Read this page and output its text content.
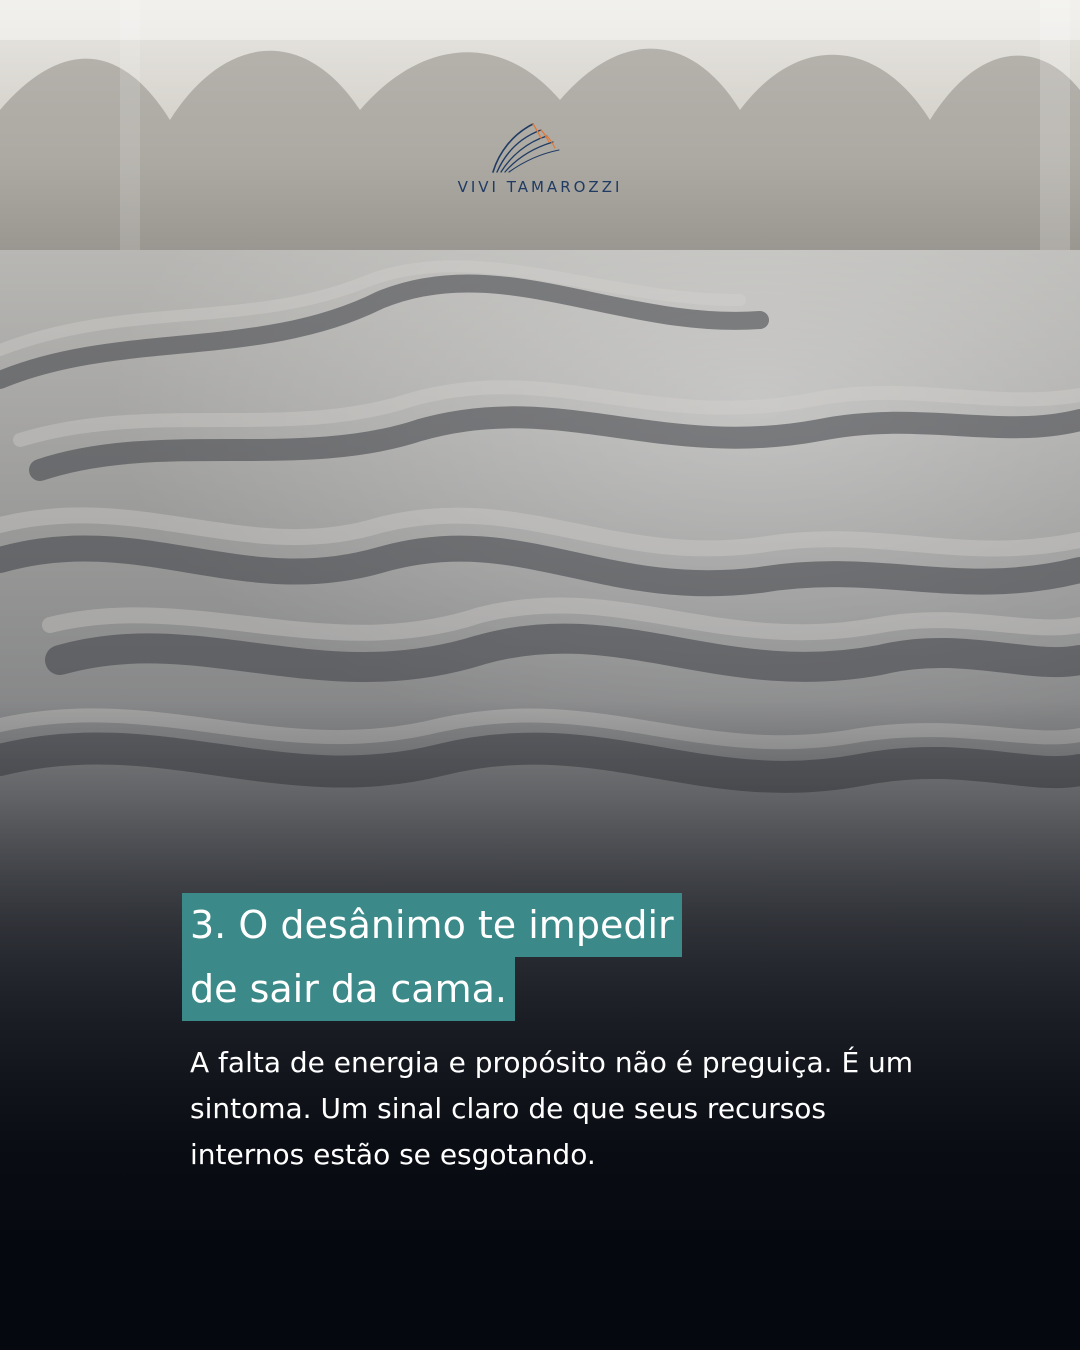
VIVI TAMAROZZI
3. O desânimo te impedir
de sair da cama.

A falta de energia e propósito não é preguiça. É um sintoma. Um sinal claro de que seus recursos internos estão se esgotando.
